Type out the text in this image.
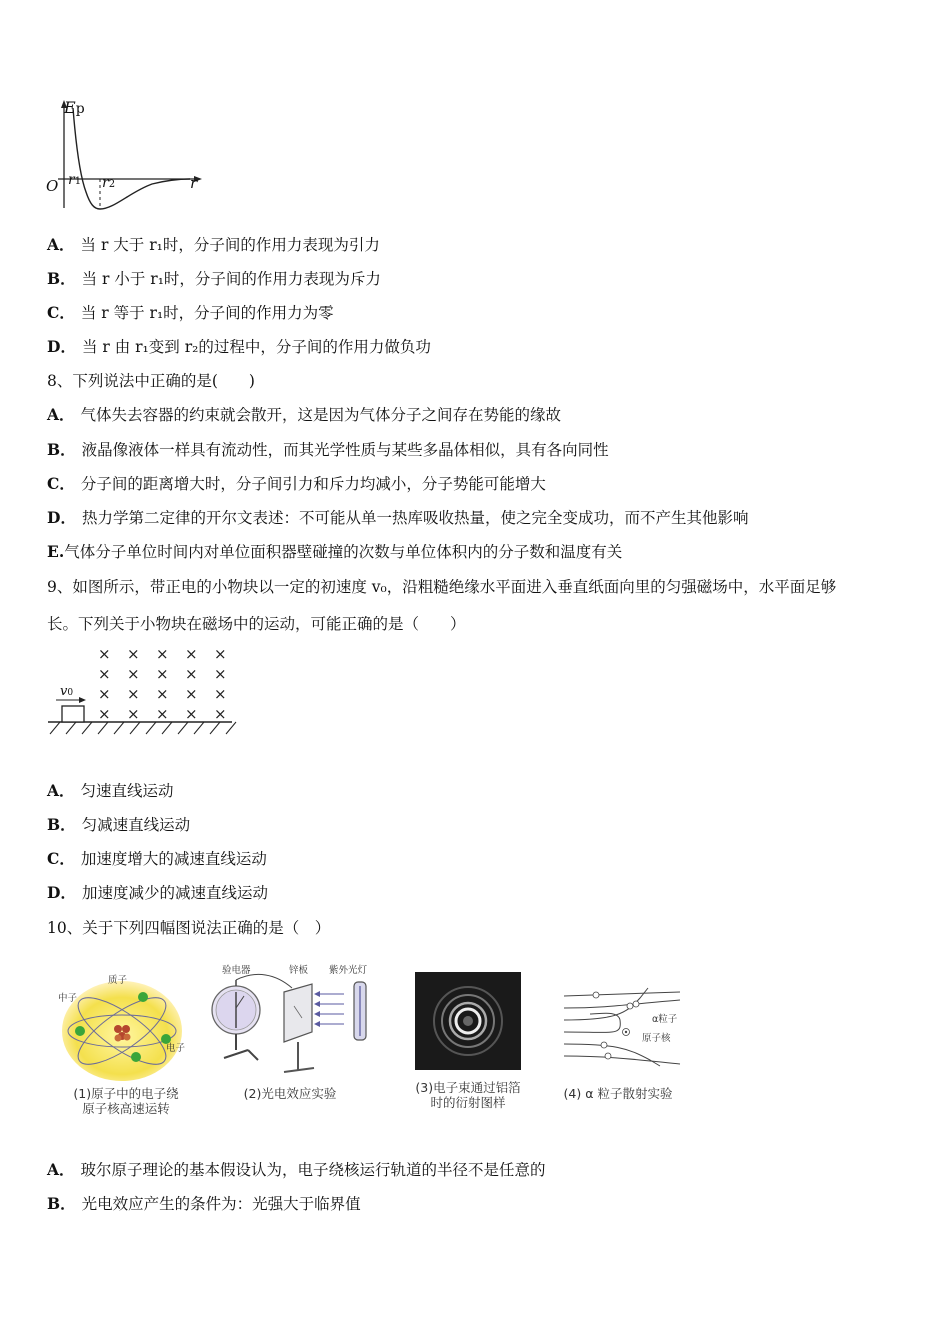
Ep
O r1 r2	r
A． 当 r 大于 r₁时，分子间的作用力表现为引力
B． 当 r 小于 r₁时，分子间的作用力表现为斥力
C． 当 r 等于 r₁时，分子间的作用力为零
D． 当 r 由 r₁变到 r₂的过程中，分子间的作用力做负功
8、下列说法中正确的是(　　)
A． 气体失去容器的约束就会散开，这是因为气体分子之间存在势能的缘故
B． 液晶像液体一样具有流动性，而其光学性质与某些多晶体相似，具有各向同性
C． 分子间的距离增大时，分子间引力和斥力均减小，分子势能可能增大
D． 热力学第二定律的开尔文表述：不可能从单一热库吸收热量，使之完全变成功，而不产生其他影响
E.气体分子单位时间内对单位面积器壁碰撞的次数与单位体积内的分子数和温度有关
9、如图所示，带正电的小物块以一定的初速度 v₀，沿粗糙绝缘水平面进入垂直纸面向里的匀强磁场中，水平面足够
长。下列关于小物块在磁场中的运动，可能正确的是（　　）
v0
× × × × ×
× × × × ×
× × × × ×
× × × × ×
A． 匀速直线运动
B． 匀减速直线运动
C． 加速度增大的减速直线运动
D． 加速度减少的减速直线运动
10、关于下列四幅图说法正确的是（　）
质子
中子
电子
(1)原子中的电子绕
原子核高速运转
验电器	锌板 紫外光灯
(2)光电效应实验	(3)电子束通过铝箔
时的衍射图样
α粒子
原子核
(4) α 粒子散射实验
A． 玻尔原子理论的基本假设认为，电子绕核运行轨道的半径不是任意的
B． 光电效应产生的条件为：光强大于临界值
